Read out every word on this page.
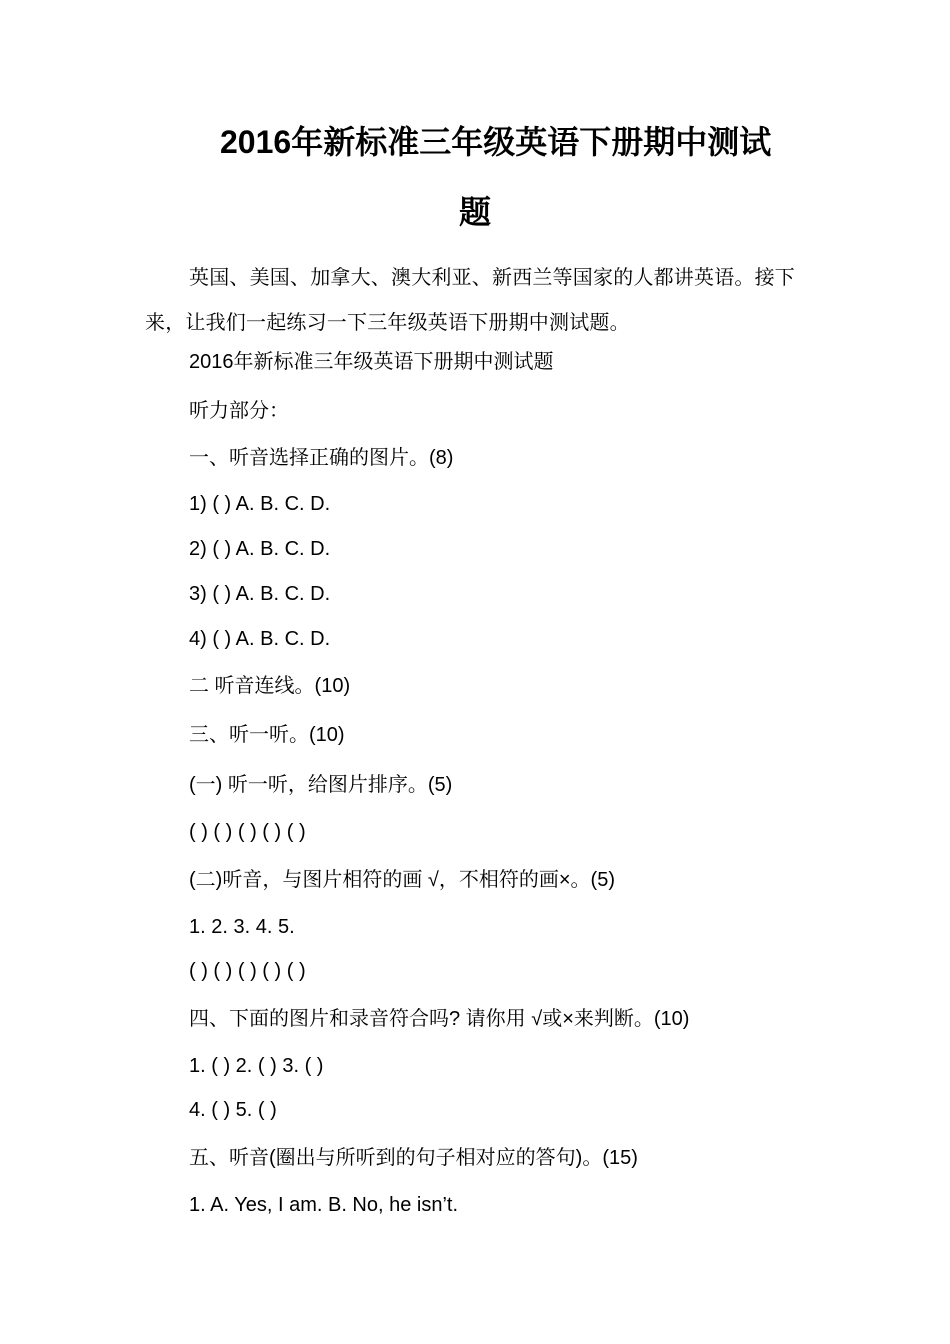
2016年新标准三年级英语下册期中测试
题

英国、美国、加拿大、澳大利亚、新西兰等国家的人都讲英语。接下来，让我们一起练习一下三年级英语下册期中测试题。

2016年新标准三年级英语下册期中测试题

听力部分：

一、听音选择正确的图片。(8)

1) ( ) A. B. C. D.

2) ( ) A. B. C. D.

3) ( ) A. B. C. D.

4) ( ) A. B. C. D.

二 听音连线。(10)

三、听一听。(10)

(一) 听一听，给图片排序。(5)

( ) ( ) ( ) ( ) ( )

(二)听音，与图片相符的画 √，不相符的画×。(5)

1. 2. 3. 4. 5.

( ) ( ) ( ) ( ) ( )

四、下面的图片和录音符合吗? 请你用 √或×来判断。(10)

1. ( ) 2. ( ) 3. ( )

4. ( ) 5. ( )

五、听音(圈出与所听到的句子相对应的答句)。(15)

1. A. Yes, I am. B. No, he isn’t.
